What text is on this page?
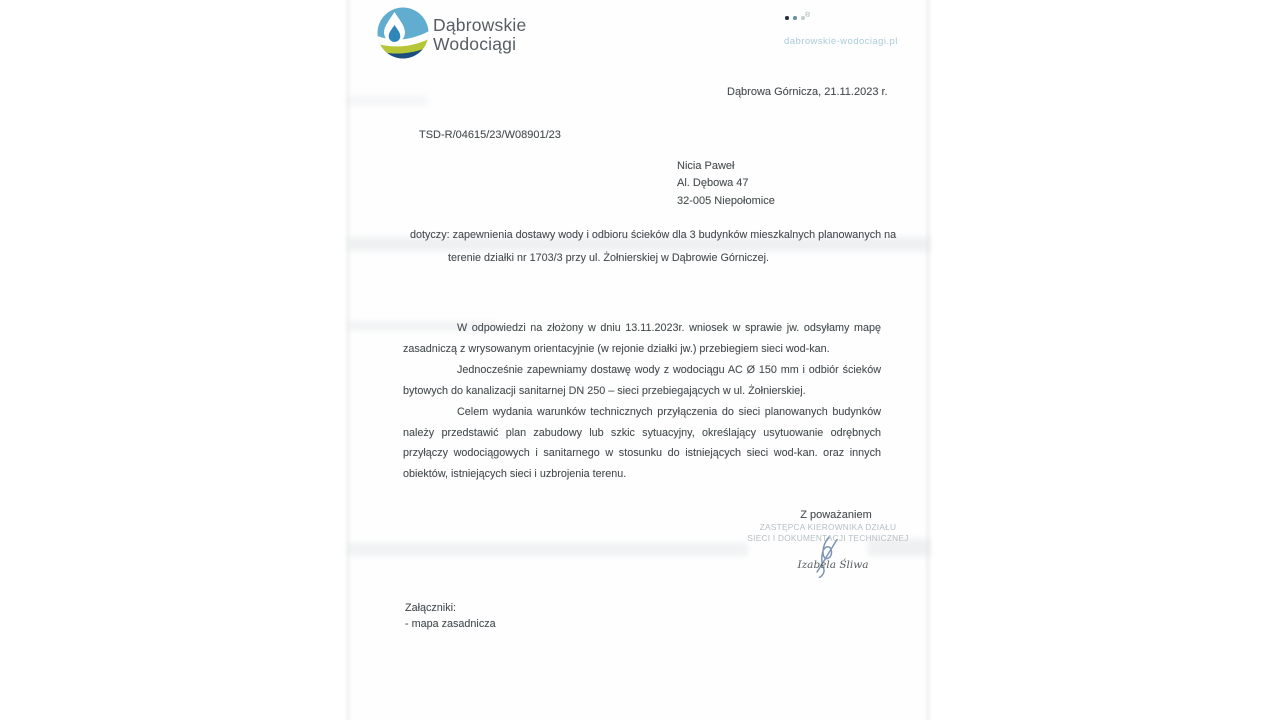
®
Dąbrowskie
Wodociągi	dabrowskie-wodociagi.pl
Dąbrowa Górnicza, 21.11.2023 r.
TSD-R/04615/23/W08901/23
Nicia Paweł
Al. Dębowa 47
32-005 Niepołomice
dotyczy: zapewnienia dostawy wody i odbioru ścieków dla 3 budynków mieszkalnych planowanych na
terenie działki nr 1703/3 przy ul. Żołnierskiej w Dąbrowie Górniczej.

W odpowiedzi na złożony w dniu 13.11.2023r. wniosek w sprawie jw. odsyłamy mapę zasadniczą z wrysowanym orientacyjnie (w rejonie działki jw.) przebiegiem sieci wod-kan.

Jednocześnie zapewniamy dostawę wody z wodociągu AC Ø 150 mm i odbiór ścieków bytowych do kanalizacji sanitarnej DN 250 – sieci przebiegających w ul. Żołnierskiej.

Celem wydania warunków technicznych przyłączenia do sieci planowanych budynków należy przedstawić plan zabudowy lub szkic sytuacyjny, określający usytuowanie odrębnych przyłączy wodociągowych i sanitarnego w stosunku do istniejących sieci wod-kan. oraz innych obiektów, istniejących sieci i uzbrojenia terenu.

Z poważaniem
ZASTĘPCA KIEROWNIKA DZIAŁU
SIECI I DOKUMENTACJI TECHNICZNEJ
Izabela Śliwa
Załączniki:
- mapa zasadnicza
